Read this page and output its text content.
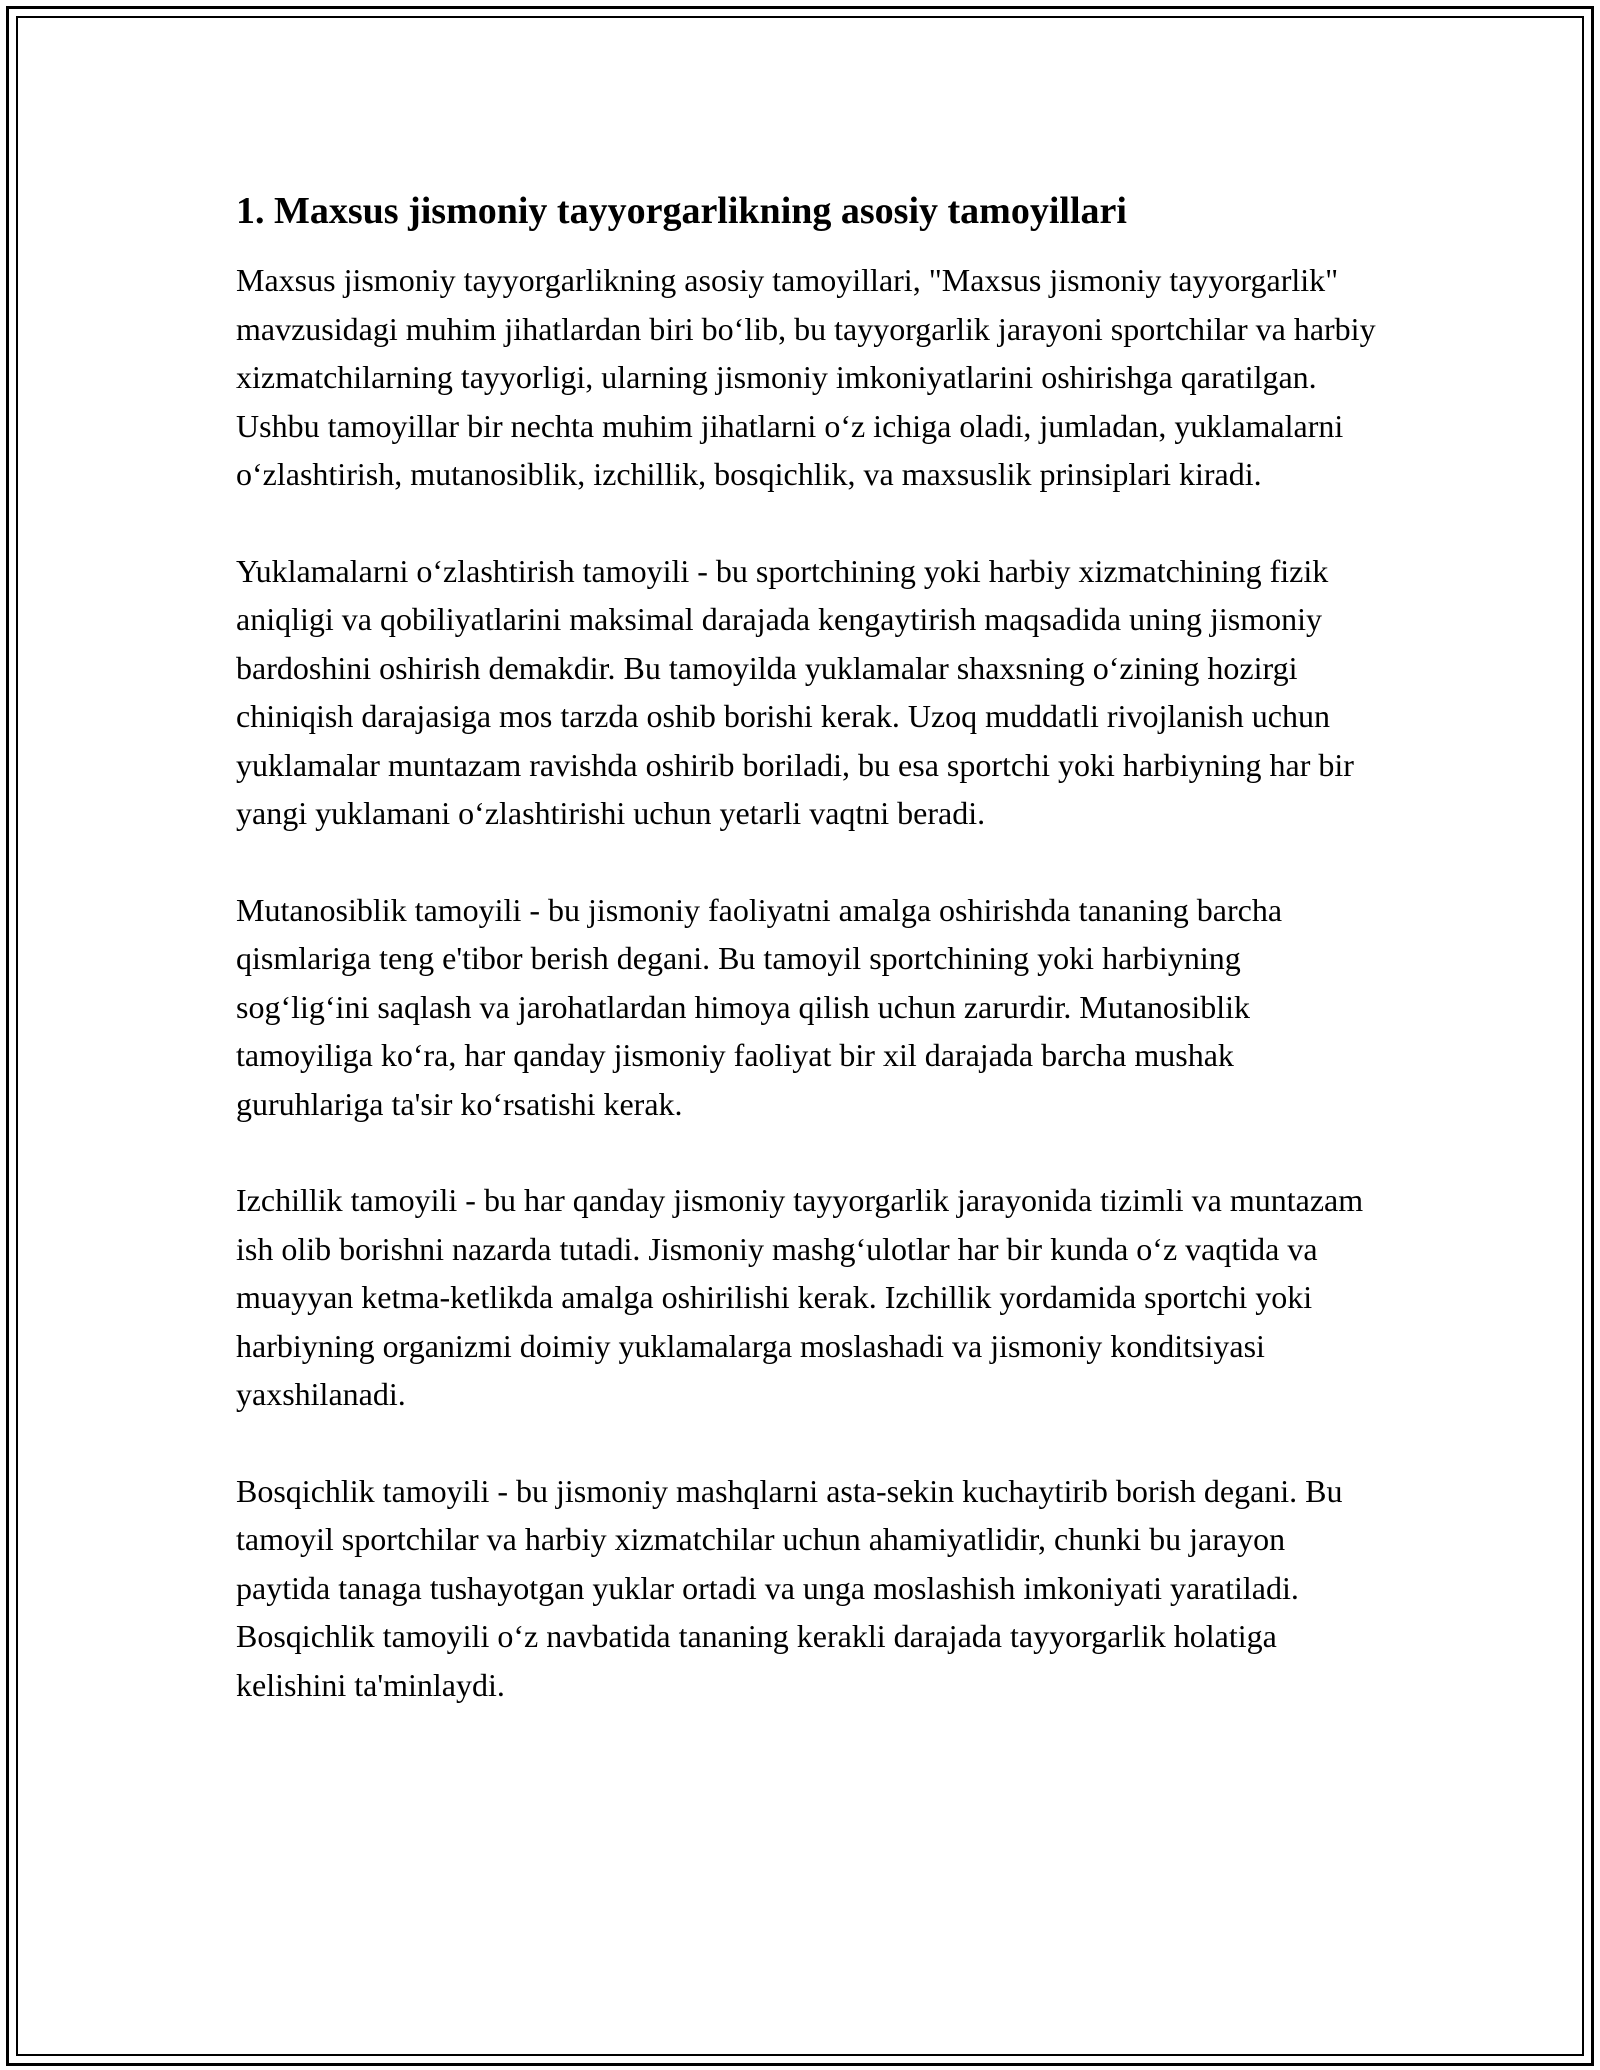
1. Maxsus jismoniy tayyorgarlikning asosiy tamoyillari

Maxsus jismoniy tayyorgarlikning asosiy tamoyillari, "Maxsus jismoniy tayyorgarlik" mavzusidagi muhim jihatlardan biri bo‘lib, bu tayyorgarlik jarayoni sportchilar va harbiy xizmatchilarning tayyorligi, ularning jismoniy imkoniyatlarini oshirishga qaratilgan. Ushbu tamoyillar bir nechta muhim jihatlarni o‘z ichiga oladi, jumladan, yuklamalarni o‘zlashtirish, mutanosiblik, izchillik, bosqichlik, va maxsuslik prinsiplari kiradi.

Yuklamalarni o‘zlashtirish tamoyili - bu sportchining yoki harbiy xizmatchining fizik aniqligi va qobiliyatlarini maksimal darajada kengaytirish maqsadida uning jismoniy bardoshini oshirish demakdir. Bu tamoyilda yuklamalar shaxsning o‘zining hozirgi chiniqish darajasiga mos tarzda oshib borishi kerak. Uzoq muddatli rivojlanish uchun yuklamalar muntazam ravishda oshirib boriladi, bu esa sportchi yoki harbiyning har bir yangi yuklamani o‘zlashtirishi uchun yetarli vaqtni beradi.

Mutanosiblik tamoyili - bu jismoniy faoliyatni amalga oshirishda tananing barcha qismlariga teng e'tibor berish degani. Bu tamoyil sportchining yoki harbiyning sog‘lig‘ini saqlash va jarohatlardan himoya qilish uchun zarurdir. Mutanosiblik tamoyiliga ko‘ra, har qanday jismoniy faoliyat bir xil darajada barcha mushak guruhlariga ta'sir ko‘rsatishi kerak.

Izchillik tamoyili - bu har qanday jismoniy tayyorgarlik jarayonida tizimli va muntazam ish olib borishni nazarda tutadi. Jismoniy mashg‘ulotlar har bir kunda o‘z vaqtida va muayyan ketma-ketlikda amalga oshirilishi kerak. Izchillik yordamida sportchi yoki harbiyning organizmi doimiy yuklamalarga moslashadi va jismoniy konditsiyasi yaxshilanadi.

Bosqichlik tamoyili - bu jismoniy mashqlarni asta-sekin kuchaytirib borish degani. Bu tamoyil sportchilar va harbiy xizmatchilar uchun ahamiyatlidir, chunki bu jarayon paytida tanaga tushayotgan yuklar ortadi va unga moslashish imkoniyati yaratiladi. Bosqichlik tamoyili o‘z navbatida tananing kerakli darajada tayyorgarlik holatiga kelishini ta'minlaydi.
